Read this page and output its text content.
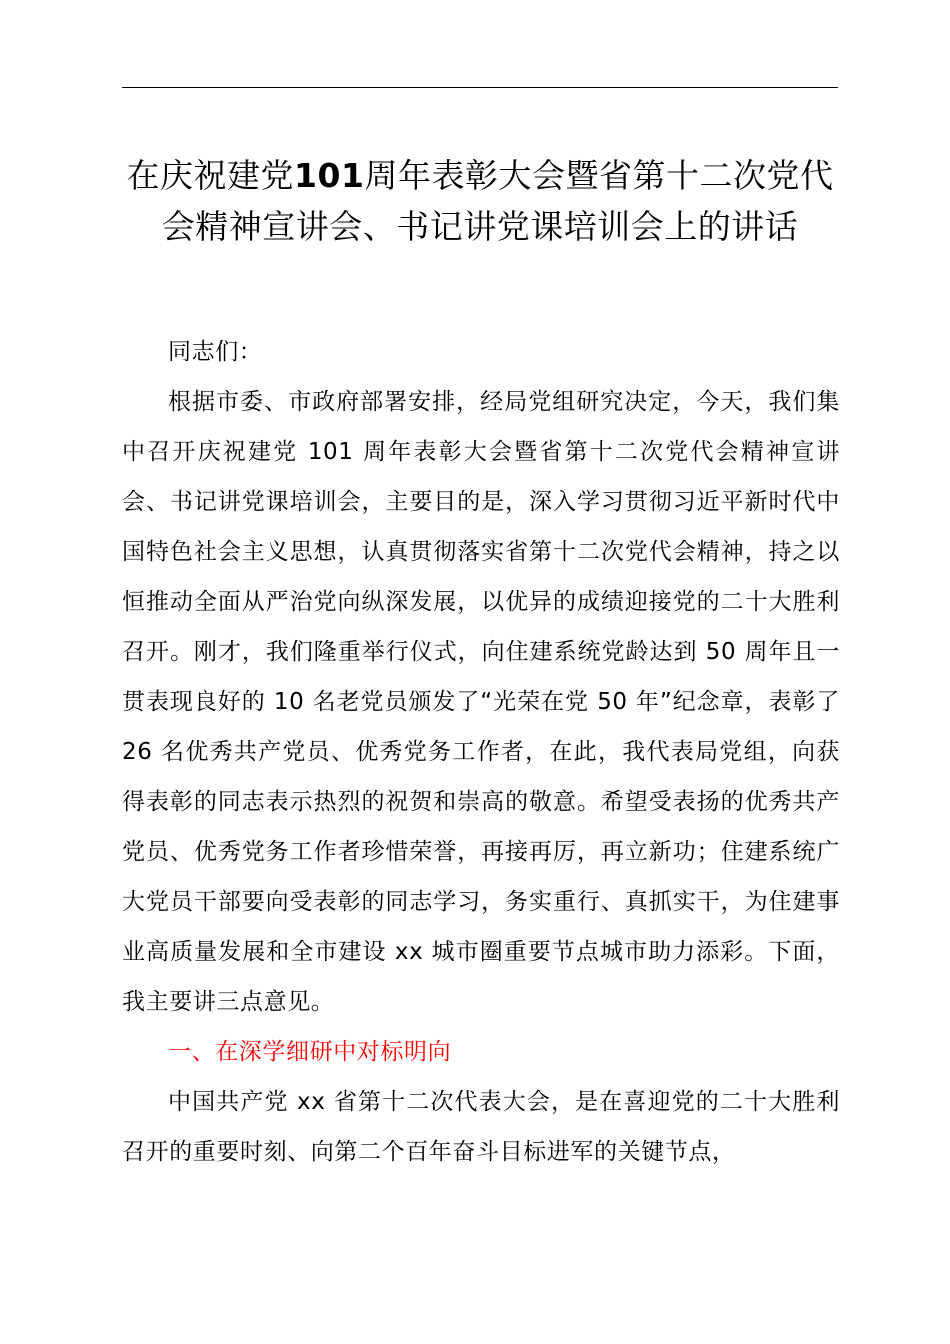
在庆祝建党101周年表彰大会暨省第十二次党代会精神宣讲会、书记讲党课培训会上的讲话

同志们：

根据市委、市政府部署安排，经局党组研究决定，今天，我们集中召开庆祝建党 101 周年表彰大会暨省第十二次党代会精神宣讲会、书记讲党课培训会，主要目的是，深入学习贯彻习近平新时代中国特色社会主义思想，认真贯彻落实省第十二次党代会精神，持之以恒推动全面从严治党向纵深发展，以优异的成绩迎接党的二十大胜利召开。刚才，我们隆重举行仪式，向住建系统党龄达到 50 周年且一贯表现良好的 10 名老党员颁发了“光荣在党 50 年”纪念章，表彰了 26 名优秀共产党员、优秀党务工作者，在此，我代表局党组，向获得表彰的同志表示热烈的祝贺和崇高的敬意。希望受表扬的优秀共产党员、优秀党务工作者珍惜荣誉，再接再厉，再立新功；住建系统广大党员干部要向受表彰的同志学习，务实重行、真抓实干，为住建事业高质量发展和全市建设 xx 城市圈重要节点城市助力添彩。下面，我主要讲三点意见。

一、在深学细研中对标明向

中国共产党 xx 省第十二次代表大会，是在喜迎党的二十大胜利召开的重要时刻、向第二个百年奋斗目标进军的关键节点，
